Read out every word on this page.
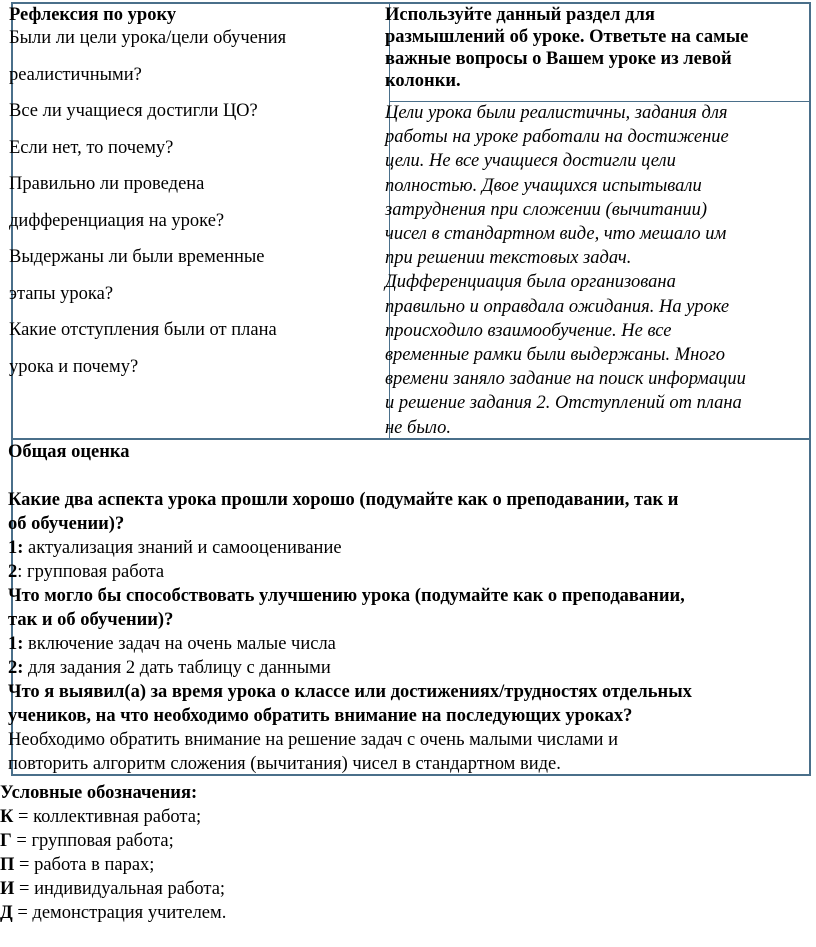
Рефлексия по уроку
Были ли цели урока/цели обучения
реалистичными?
Все ли учащиеся достигли ЦО?
Если нет, то почему?
Правильно ли проведена
дифференциация на уроке?
Выдержаны ли были временные
этапы урока?
Какие отступления были от плана
урока и почему?
Используйте данный раздел для
размышлений об уроке. Ответьте на самые
важные вопросы о Вашем уроке из левой
колонки.
Цели урока были реалистичны, задания для
работы на уроке работали на достижение
цели. Не все учащиеся достигли цели
полностью. Двое учащихся испытывали
затруднения при сложении (вычитании)
чисел в стандартном виде, что мешало им
при решении текстовых задач.
Дифференциация была организована
правильно и оправдала ожидания. На уроке
происходило взаимообучение. Не все
временные рамки были выдержаны. Много
времени заняло задание на поиск информации
и решение задания 2. Отступлений от плана
не было.
Общая оценка
Какие два аспекта урока прошли хорошо (подумайте как о преподавании, так и
об обучении)?
1: актуализация знаний и самооценивание
2: групповая работа
Что могло бы способствовать улучшению урока (подумайте как о преподавании,
так и об обучении)?
1: включение задач на очень малые числа
2: для задания 2 дать таблицу с данными
Что я выявил(а) за время урока о классе или достижениях/трудностях отдельных
учеников, на что необходимо обратить внимание на последующих уроках?
Необходимо обратить внимание на решение задач с очень малыми числами и
повторить алгоритм сложения (вычитания) чисел в стандартном виде.
Условные обозначения:
К = коллективная работа;
Г = групповая работа;
П = работа в парах;
И = индивидуальная работа;
Д = демонстрация учителем.
